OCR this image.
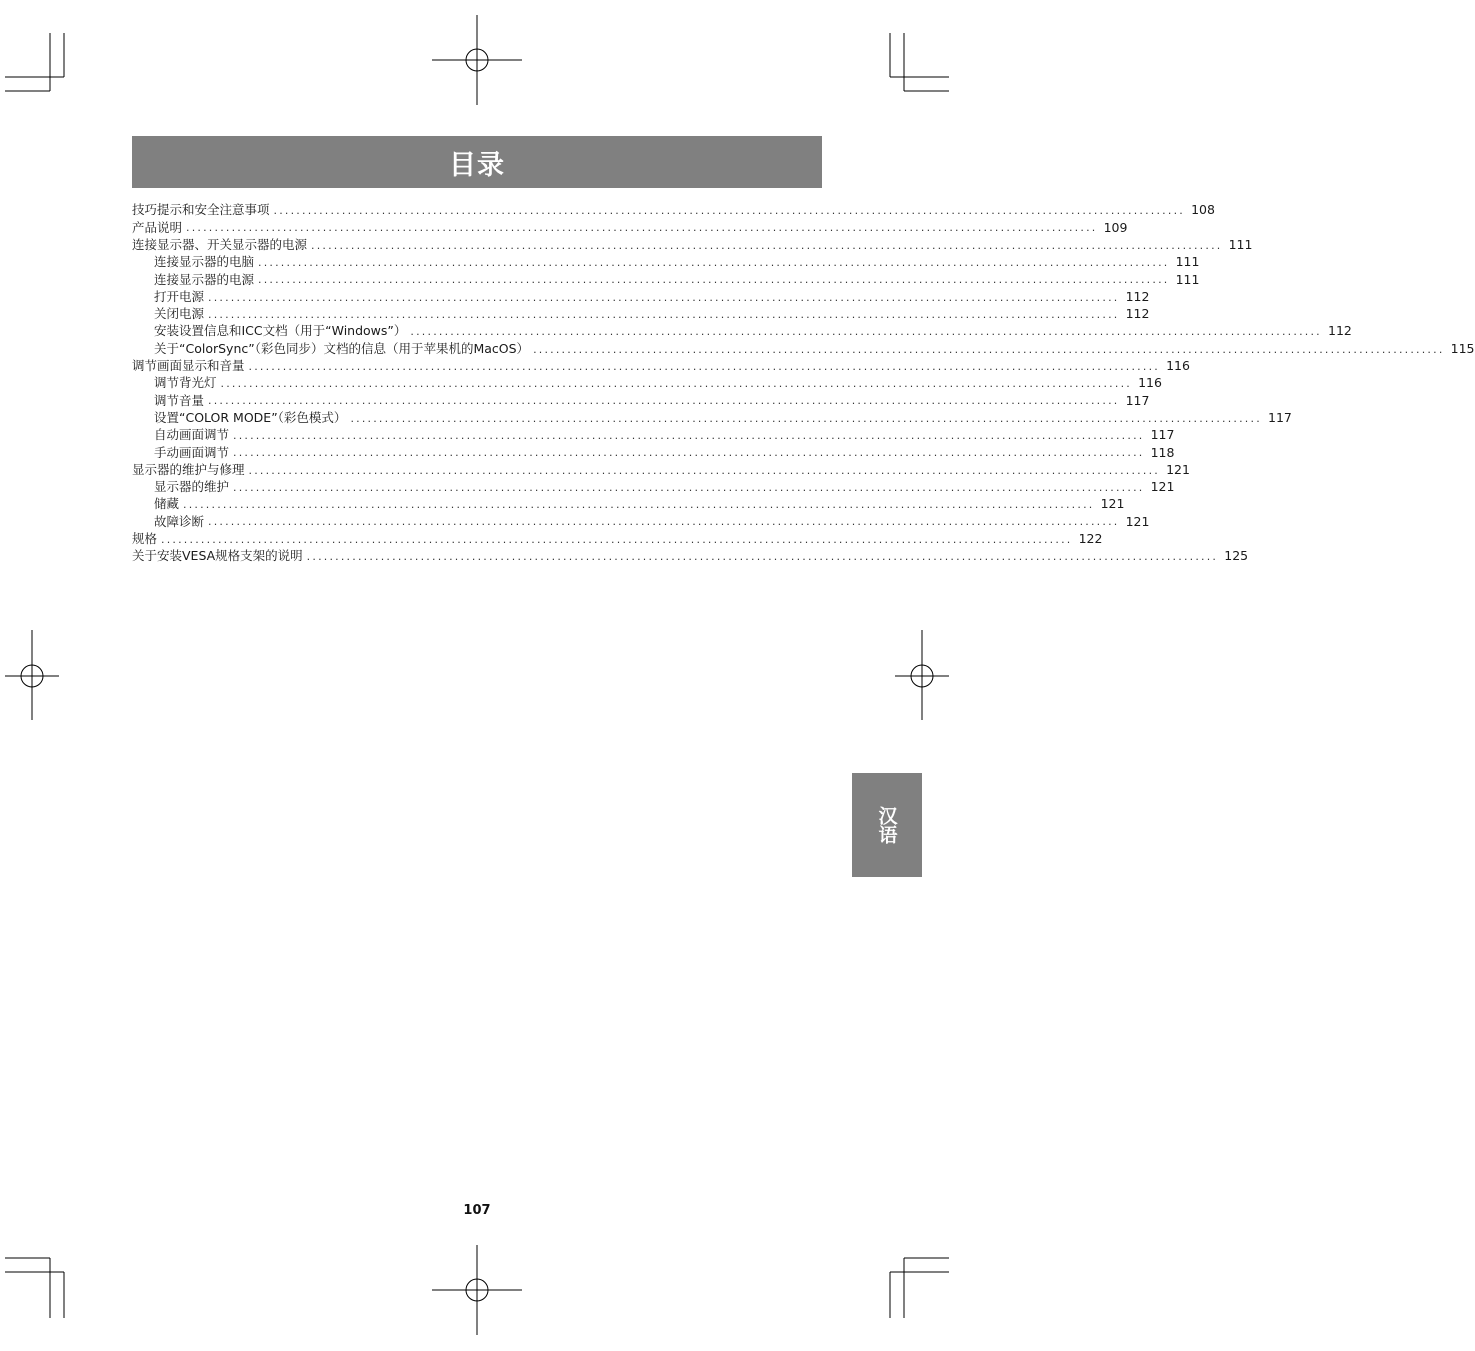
目录
技巧提示和安全注意事项 ................................................................................................................................................................ 108
产品说明 ................................................................................................................................................................ 109
连接显示器、开关显示器的电源 ................................................................................................................................................................ 111
连接显示器的电脑 ................................................................................................................................................................ 111
连接显示器的电源 ................................................................................................................................................................ 111
打开电源 ................................................................................................................................................................ 112
关闭电源 ................................................................................................................................................................ 112
安装设置信息和ICC文档（用于“Windows”） ................................................................................................................................................................ 112
关于“ColorSync”（彩色同步）文档的信息（用于苹果机的MacOS） ................................................................................................................................................................ 115
调节画面显示和音量 ................................................................................................................................................................ 116
调节背光灯 ................................................................................................................................................................ 116
调节音量 ................................................................................................................................................................ 117
设置“COLOR MODE”（彩色模式） ................................................................................................................................................................ 117
自动画面调节 ................................................................................................................................................................ 117
手动画面调节 ................................................................................................................................................................ 118
显示器的维护与修理 ................................................................................................................................................................ 121
显示器的维护 ................................................................................................................................................................ 121
储藏 ................................................................................................................................................................ 121
故障诊断 ................................................................................................................................................................ 121
规格 ................................................................................................................................................................ 122
关于安装VESA规格支架的说明 ................................................................................................................................................................ 125
汉语
107
